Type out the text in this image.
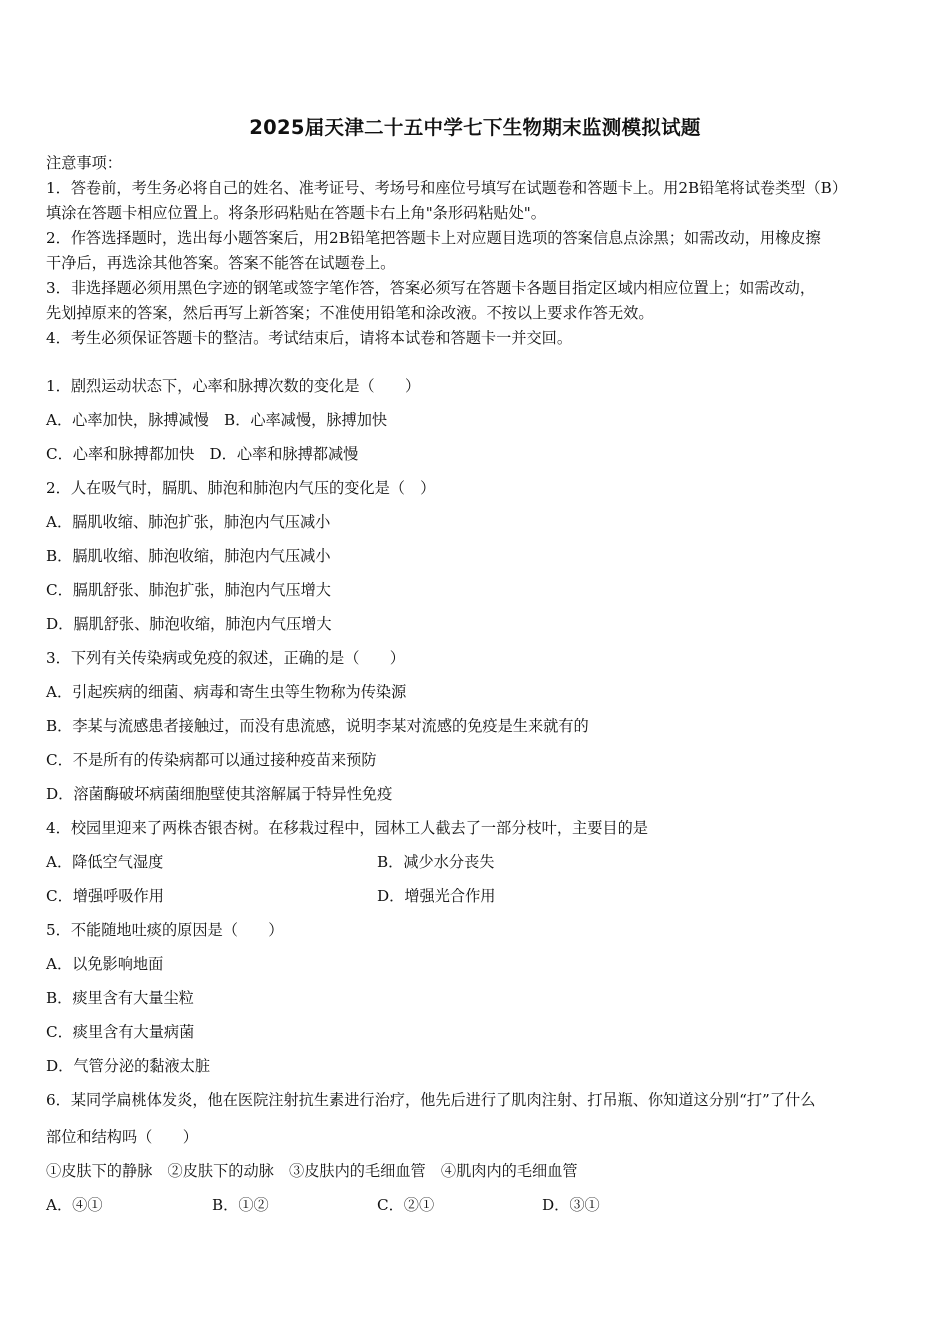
2025届天津二十五中学七下生物期末监测模拟试题
注意事项：
1．答卷前，考生务必将自己的姓名、准考证号、考场号和座位号填写在试题卷和答题卡上。用2B铅笔将试卷类型（B）
填涂在答题卡相应位置上。将条形码粘贴在答题卡右上角"条形码粘贴处"。
2．作答选择题时，选出每小题答案后，用2B铅笔把答题卡上对应题目选项的答案信息点涂黑；如需改动，用橡皮擦
干净后，再选涂其他答案。答案不能答在试题卷上。
3．非选择题必须用黑色字迹的钢笔或签字笔作答，答案必须写在答题卡各题目指定区域内相应位置上；如需改动，
先划掉原来的答案，然后再写上新答案；不准使用铅笔和涂改液。不按以上要求作答无效。
4．考生必须保证答题卡的整洁。考试结束后，请将本试卷和答题卡一并交回。
1．剧烈运动状态下，心率和脉搏次数的变化是（　　）
A．心率加快，脉搏减慢　B．心率减慢，脉搏加快
C．心率和脉搏都加快　D．心率和脉搏都减慢
2．人在吸气时，膈肌、肺泡和肺泡内气压的变化是（　）
A．膈肌收缩、肺泡扩张，肺泡内气压减小
B．膈肌收缩、肺泡收缩，肺泡内气压减小
C．膈肌舒张、肺泡扩张，肺泡内气压增大
D．膈肌舒张、肺泡收缩，肺泡内气压增大
3．下列有关传染病或免疫的叙述，正确的是（　　）
A．引起疾病的细菌、病毒和寄生虫等生物称为传染源
B．李某与流感患者接触过，而没有患流感，说明李某对流感的免疫是生来就有的
C．不是所有的传染病都可以通过接种疫苗来预防
D．溶菌酶破坏病菌细胞壁使其溶解属于特异性免疫
4．校园里迎来了两株杏银杏树。在移栽过程中，园林工人截去了一部分枝叶，主要目的是
A．降低空气湿度	B．减少水分丧失
C．增强呼吸作用	D．增强光合作用
5．不能随地吐痰的原因是（　　）
A．以免影响地面
B．痰里含有大量尘粒
C．痰里含有大量病菌
D．气管分泌的黏液太脏
6．某同学扁桃体发炎，他在医院注射抗生素进行治疗，他先后进行了肌肉注射、打吊瓶、你知道这分别“打”了什么
部位和结构吗（　　）
①皮肤下的静脉　②皮肤下的动脉　③皮肤内的毛细血管　④肌肉内的毛细血管
A．④①	B．①②	C．②①	D．③①
